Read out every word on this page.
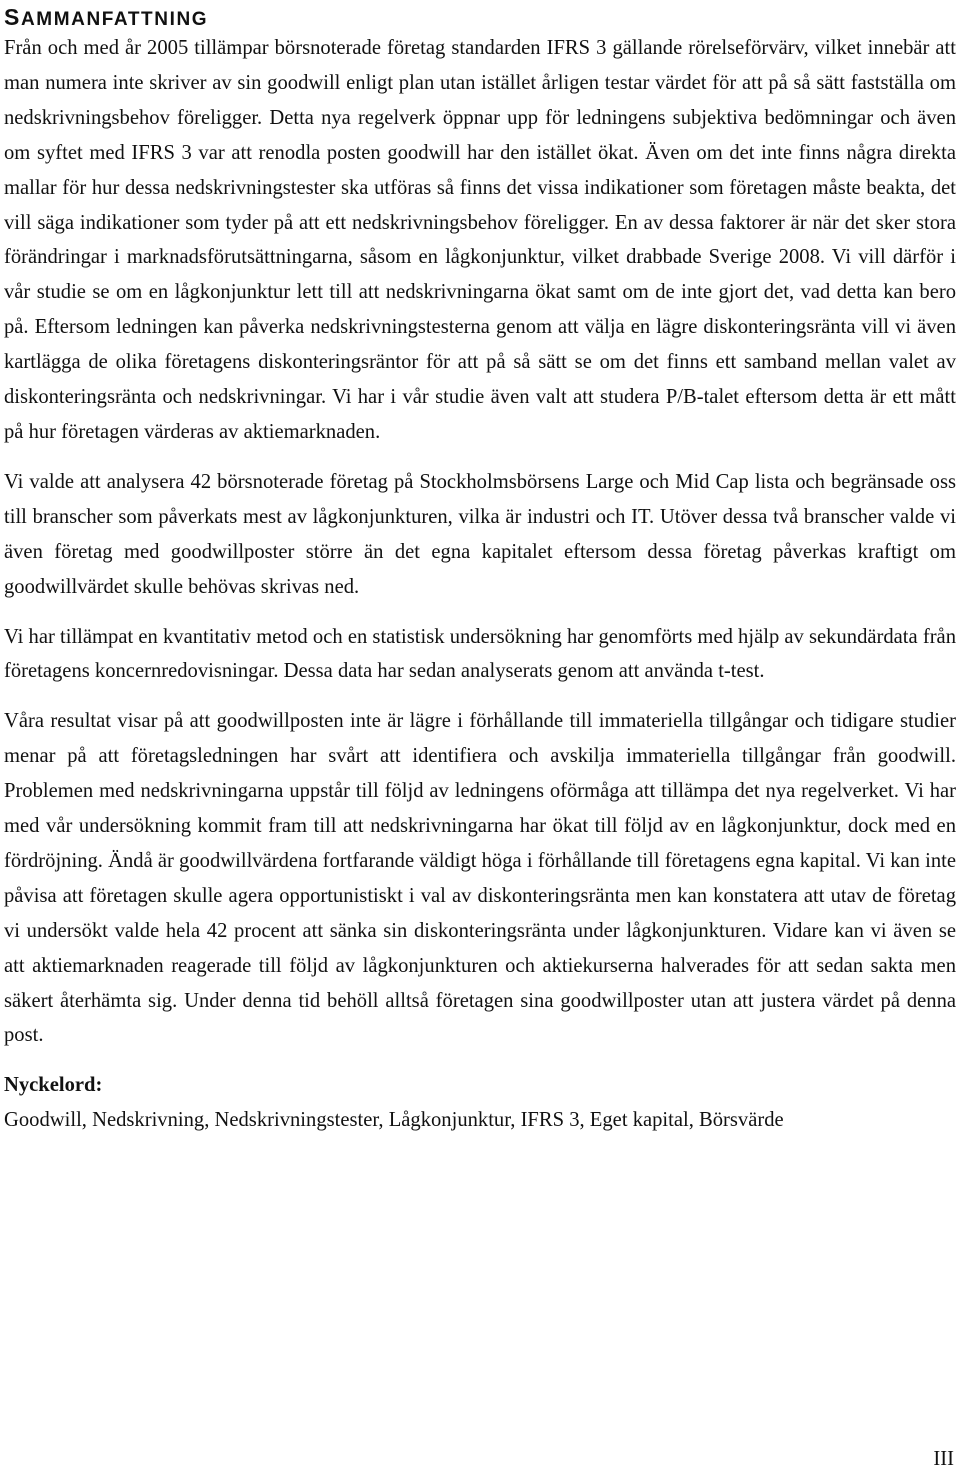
SAMMANFATTNING

Från och med år 2005 tillämpar börsnoterade företag standarden IFRS 3 gällande rörelseförvärv, vilket innebär att man numera inte skriver av sin goodwill enligt plan utan istället årligen testar värdet för att på så sätt fastställa om nedskrivningsbehov föreligger. Detta nya regelverk öppnar upp för ledningens subjektiva bedömningar och även om syftet med IFRS 3 var att renodla posten goodwill har den istället ökat. Även om det inte finns några direkta mallar för hur dessa nedskrivningstester ska utföras så finns det vissa indikationer som företagen måste beakta, det vill säga indikationer som tyder på att ett nedskrivningsbehov föreligger. En av dessa faktorer är när det sker stora förändringar i marknadsförutsättningarna, såsom en lågkonjunktur, vilket drabbade Sverige 2008. Vi vill därför i vår studie se om en lågkonjunktur lett till att nedskrivningarna ökat samt om de inte gjort det, vad detta kan bero på. Eftersom ledningen kan påverka nedskrivningstesterna genom att välja en lägre diskonteringsränta vill vi även kartlägga de olika företagens diskonteringsräntor för att på så sätt se om det finns ett samband mellan valet av diskonteringsränta och nedskrivningar. Vi har i vår studie även valt att studera P/B-talet eftersom detta är ett mått på hur företagen värderas av aktiemarknaden.

Vi valde att analysera 42 börsnoterade företag på Stockholmsbörsens Large och Mid Cap lista och begränsade oss till branscher som påverkats mest av lågkonjunkturen, vilka är industri och IT. Utöver dessa två branscher valde vi även företag med goodwillposter större än det egna kapitalet eftersom dessa företag påverkas kraftigt om goodwillvärdet skulle behövas skrivas ned.

Vi har tillämpat en kvantitativ metod och en statistisk undersökning har genomförts med hjälp av sekundärdata från företagens koncernredovisningar. Dessa data har sedan analyserats genom att använda t-test.

Våra resultat visar på att goodwillposten inte är lägre i förhållande till immateriella tillgångar och tidigare studier menar på att företagsledningen har svårt att identifiera och avskilja immateriella tillgångar från goodwill. Problemen med nedskrivningarna uppstår till följd av ledningens oförmåga att tillämpa det nya regelverket. Vi har med vår undersökning kommit fram till att nedskrivningarna har ökat till följd av en lågkonjunktur, dock med en fördröjning. Ändå är goodwillvärdena fortfarande väldigt höga i förhållande till företagens egna kapital. Vi kan inte påvisa att företagen skulle agera opportunistiskt i val av diskonteringsränta men kan konstatera att utav de företag vi undersökt valde hela 42 procent att sänka sin diskonteringsränta under lågkonjunkturen. Vidare kan vi även se att aktiemarknaden reagerade till följd av lågkonjunkturen och aktiekurserna halverades för att sedan sakta men säkert återhämta sig. Under denna tid behöll alltså företagen sina goodwillposter utan att justera värdet på denna post.

Nyckelord:

Goodwill, Nedskrivning, Nedskrivningstester, Lågkonjunktur, IFRS 3, Eget kapital, Börsvärde

III
